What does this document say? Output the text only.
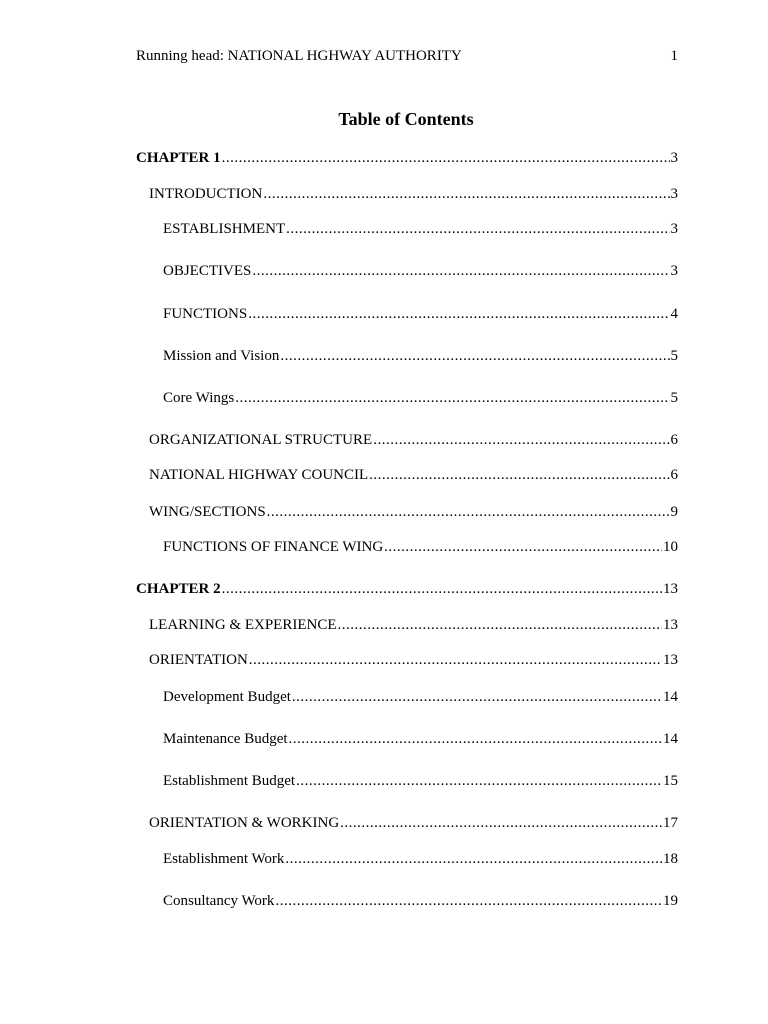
Running head: NATIONAL HGHWAY AUTHORITY	1
Table of Contents
CHAPTER 1 .....	3
INTRODUCTION .....	3
ESTABLISHMENT .....	3
OBJECTIVES .....	3
FUNCTIONS .....	4
Mission and Vision .....	5
Core Wings .....	5
ORGANIZATIONAL STRUCTURE .....	6
NATIONAL HIGHWAY COUNCIL .....	6
WING/SECTIONS .....	9
FUNCTIONS OF FINANCE WING .....	10
CHAPTER 2 .....	13
LEARNING & EXPERIENCE .....	13
ORIENTATION .....	13
Development Budget .....	14
Maintenance Budget .....	14
Establishment Budget .....	15
ORIENTATION & WORKING .....	17
Establishment Work .....	18
Consultancy Work .....	19
